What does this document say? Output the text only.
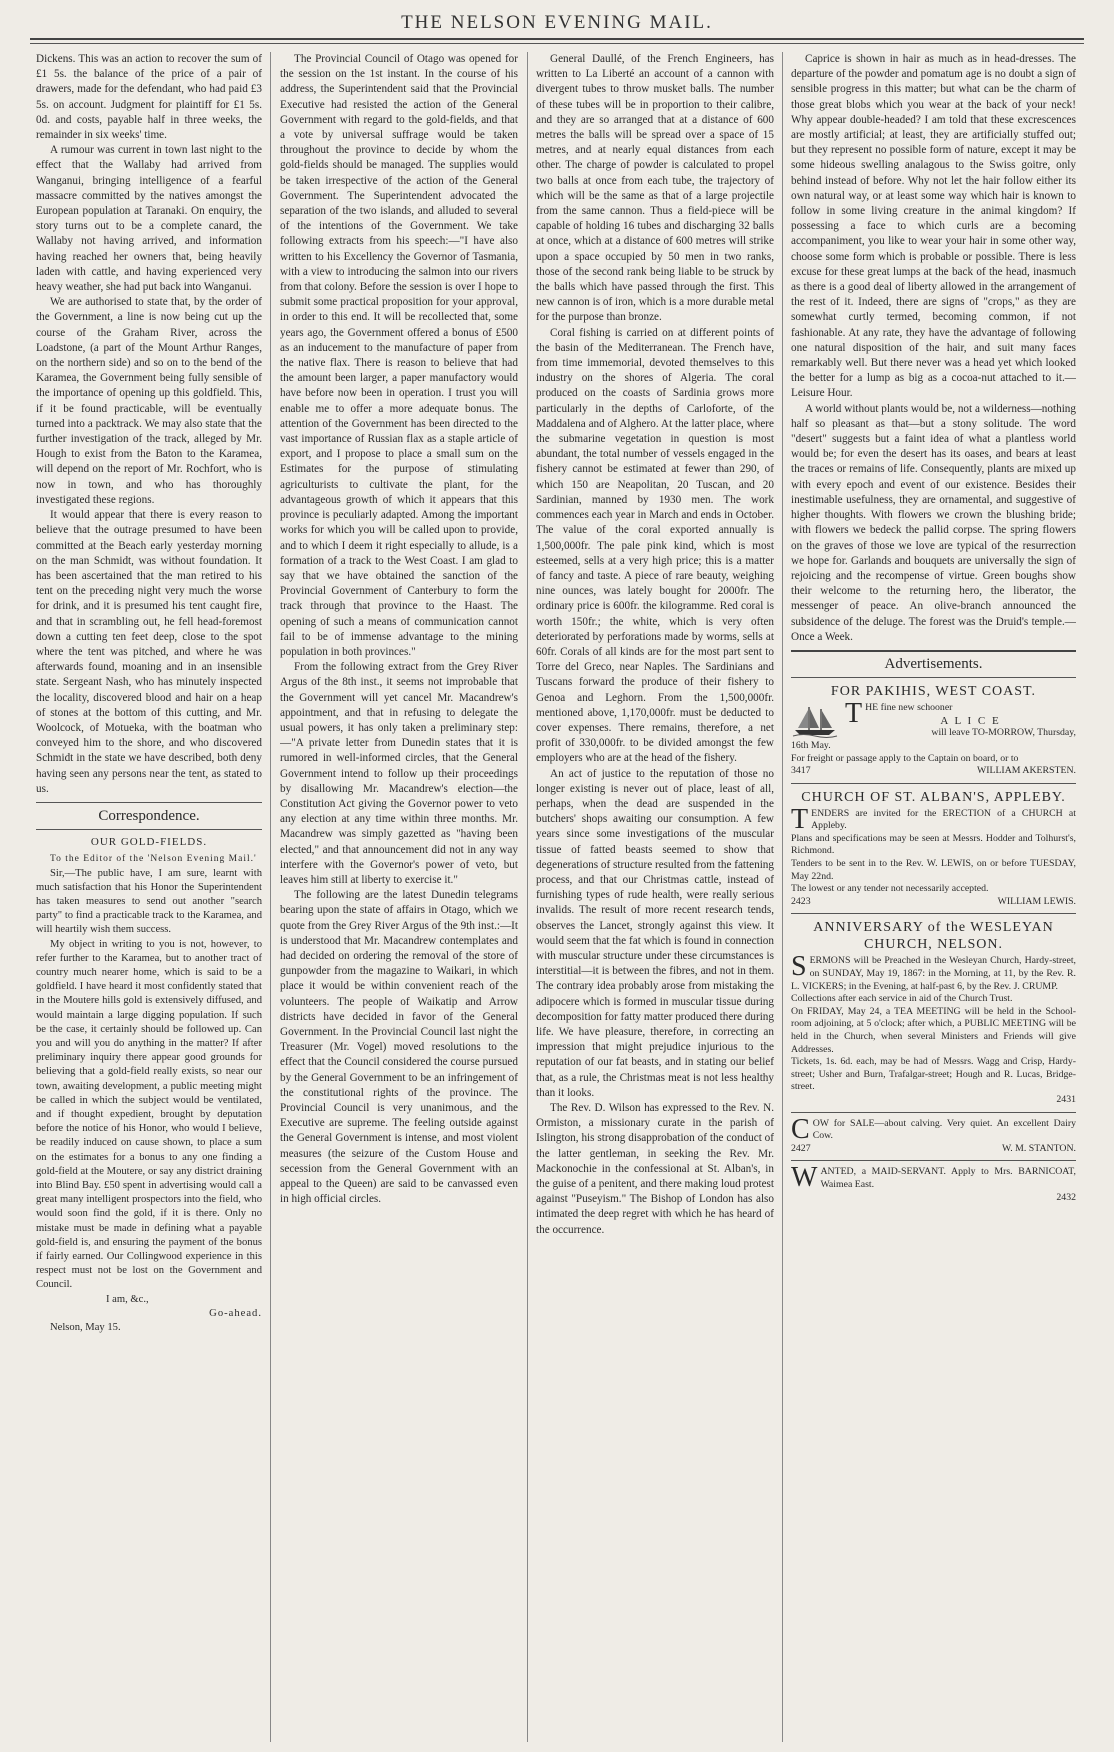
THE NELSON EVENING MAIL.

Dickens. This was an action to recover the sum of £1 5s. the balance of the price of a pair of drawers, made for the defendant, who had paid £3 5s. on account. Judgment for plaintiff for £1 5s. 0d. and costs, payable half in three weeks, the remainder in six weeks' time.

A rumour was current in town last night to the effect that the Wallaby had arrived from Wanganui, bringing intelligence of a fearful massacre committed by the natives amongst the European population at Taranaki. On enquiry, the story turns out to be a complete canard, the Wallaby not having arrived, and information having reached her owners that, being heavily laden with cattle, and having experienced very heavy weather, she had put back into Wanganui.

We are authorised to state that, by the order of the Government, a line is now being cut up the course of the Graham River, across the Loadstone, (a part of the Mount Arthur Ranges, on the northern side) and so on to the bend of the Karamea, the Government being fully sensible of the importance of opening up this goldfield. This, if it be found practicable, will be eventually turned into a packtrack. We may also state that the further investigation of the track, alleged by Mr. Hough to exist from the Baton to the Karamea, will depend on the report of Mr. Rochfort, who is now in town, and who has thoroughly investigated these regions.

It would appear that there is every reason to believe that the outrage presumed to have been committed at the Beach early yesterday morning on the man Schmidt, was without foundation. It has been ascertained that the man retired to his tent on the preceding night very much the worse for drink, and it is presumed his tent caught fire, and that in scrambling out, he fell head-foremost down a cutting ten feet deep, close to the spot where the tent was pitched, and where he was afterwards found, moaning and in an insensible state. Sergeant Nash, who has minutely inspected the locality, discovered blood and hair on a heap of stones at the bottom of this cutting, and Mr. Woolcock, of Motueka, with the boatman who conveyed him to the shore, and who discovered Schmidt in the state we have described, both deny having seen any persons near the tent, as stated to us.

Correspondence.

OUR GOLD-FIELDS.

To the Editor of the 'Nelson Evening Mail.'

Sir,—The public have, I am sure, learnt with much satisfaction that his Honor the Superintendent has taken measures to send out another "search party" to find a practicable track to the Karamea, and will heartily wish them success.

My object in writing to you is not, however, to refer further to the Karamea, but to another tract of country much nearer home, which is said to be a goldfield. I have heard it most confidently stated that in the Moutere hills gold is extensively diffused, and would maintain a large digging population. If such be the case, it certainly should be followed up. Can you and will you do anything in the matter? If after preliminary inquiry there appear good grounds for believing that a gold-field really exists, so near our town, awaiting development, a public meeting might be called in which the subject would be ventilated, and if thought expedient, brought by deputation before the notice of his Honor, who would I believe, be readily induced on cause shown, to place a sum on the estimates for a bonus to any one finding a gold-field at the Moutere, or say any district draining into Blind Bay. £50 spent in advertising would call a great many intelligent prospectors into the field, who would soon find the gold, if it is there. Only no mistake must be made in defining what a payable gold-field is, and ensuring the payment of the bonus if fairly earned. Our Collingwood experience in this respect must not be lost on the Government and Council.

I am, &c.,

Go-ahead.

Nelson, May 15.

The Provincial Council of Otago was opened for the session on the 1st instant. In the course of his address, the Superintendent said that the Provincial Executive had resisted the action of the General Government with regard to the gold-fields, and that a vote by universal suffrage would be taken throughout the province to decide by whom the gold-fields should be managed. The supplies would be taken irrespective of the action of the General Government. The Superintendent advocated the separation of the two islands, and alluded to several of the intentions of the Government. We take following extracts from his speech:—"I have also written to his Excellency the Governor of Tasmania, with a view to introducing the salmon into our rivers from that colony. Before the session is over I hope to submit some practical proposition for your approval, in order to this end. It will be recollected that, some years ago, the Government offered a bonus of £500 as an inducement to the manufacture of paper from the native flax. There is reason to believe that had the amount been larger, a paper manufactory would have before now been in operation. I trust you will enable me to offer a more adequate bonus. The attention of the Government has been directed to the vast importance of Russian flax as a staple article of export, and I propose to place a small sum on the Estimates for the purpose of stimulating agriculturists to cultivate the plant, for the advantageous growth of which it appears that this province is peculiarly adapted. Among the important works for which you will be called upon to provide, and to which I deem it right especially to allude, is a formation of a track to the West Coast. I am glad to say that we have obtained the sanction of the Provincial Government of Canterbury to form the track through that province to the Haast. The opening of such a means of communication cannot fail to be of immense advantage to the mining population in both provinces."

From the following extract from the Grey River Argus of the 8th inst., it seems not improbable that the Government will yet cancel Mr. Macandrew's appointment, and that in refusing to delegate the usual powers, it has only taken a preliminary step:—"A private letter from Dunedin states that it is rumored in well-informed circles, that the General Government intend to follow up their proceedings by disallowing Mr. Macandrew's election—the Constitution Act giving the Governor power to veto any election at any time within three months. Mr. Macandrew was simply gazetted as "having been elected," and that announcement did not in any way interfere with the Governor's power of veto, but leaves him still at liberty to exercise it."

The following are the latest Dunedin telegrams bearing upon the state of affairs in Otago, which we quote from the Grey River Argus of the 9th inst.:—It is understood that Mr. Macandrew contemplates and had decided on ordering the removal of the store of gunpowder from the magazine to Waikari, in which place it would be within convenient reach of the volunteers. The people of Waikatip and Arrow districts have decided in favor of the General Government. In the Provincial Council last night the Treasurer (Mr. Vogel) moved resolutions to the effect that the Council considered the course pursued by the General Government to be an infringement of the constitutional rights of the province. The Provincial Council is very unanimous, and the Executive are supreme. The feeling outside against the General Government is intense, and most violent measures (the seizure of the Custom House and secession from the General Government with an appeal to the Queen) are said to be canvassed even in high official circles.

General Daullé, of the French Engineers, has written to La Liberté an account of a cannon with divergent tubes to throw musket balls. The number of these tubes will be in proportion to their calibre, and they are so arranged that at a distance of 600 metres the balls will be spread over a space of 15 metres, and at nearly equal distances from each other. The charge of powder is calculated to propel two balls at once from each tube, the trajectory of which will be the same as that of a large projectile from the same cannon. Thus a field-piece will be capable of holding 16 tubes and discharging 32 balls at once, which at a distance of 600 metres will strike upon a space occupied by 50 men in two ranks, those of the second rank being liable to be struck by the balls which have passed through the first. This new cannon is of iron, which is a more durable metal for the purpose than bronze.

Coral fishing is carried on at different points of the basin of the Mediterranean. The French have, from time immemorial, devoted themselves to this industry on the shores of Algeria. The coral produced on the coasts of Sardinia grows more particularly in the depths of Carloforte, of the Maddalena and of Alghero. At the latter place, where the submarine vegetation in question is most abundant, the total number of vessels engaged in the fishery cannot be estimated at fewer than 290, of which 150 are Neapolitan, 20 Tuscan, and 20 Sardinian, manned by 1930 men. The work commences each year in March and ends in October. The value of the coral exported annually is 1,500,000fr. The pale pink kind, which is most esteemed, sells at a very high price; this is a matter of fancy and taste. A piece of rare beauty, weighing nine ounces, was lately bought for 2000fr. The ordinary price is 600fr. the kilogramme. Red coral is worth 150fr.; the white, which is very often deteriorated by perforations made by worms, sells at 60fr. Corals of all kinds are for the most part sent to Torre del Greco, near Naples. The Sardinians and Tuscans forward the produce of their fishery to Genoa and Leghorn. From the 1,500,000fr. mentioned above, 1,170,000fr. must be deducted to cover expenses. There remains, therefore, a net profit of 330,000fr. to be divided amongst the few employers who are at the head of the fishery.

An act of justice to the reputation of those no longer existing is never out of place, least of all, perhaps, when the dead are suspended in the butchers' shops awaiting our consumption. A few years since some investigations of the muscular tissue of fatted beasts seemed to show that degenerations of structure resulted from the fattening process, and that our Christmas cattle, instead of furnishing types of rude health, were really serious invalids. The result of more recent research tends, observes the Lancet, strongly against this view. It would seem that the fat which is found in connection with muscular structure under these circumstances is interstitial—it is between the fibres, and not in them. The contrary idea probably arose from mistaking the adipocere which is formed in muscular tissue during decomposition for fatty matter produced there during life. We have pleasure, therefore, in correcting an impression that might prejudice injurious to the reputation of our fat beasts, and in stating our belief that, as a rule, the Christmas meat is not less healthy than it looks.

The Rev. D. Wilson has expressed to the Rev. N. Ormiston, a missionary curate in the parish of Islington, his strong disapprobation of the conduct of the latter gentleman, in seeking the Rev. Mr. Mackonochie in the confessional at St. Alban's, in the guise of a penitent, and there making loud protest against "Puseyism." The Bishop of London has also intimated the deep regret with which he has heard of the occurrence.

Caprice is shown in hair as much as in head-dresses. The departure of the powder and pomatum age is no doubt a sign of sensible progress in this matter; but what can be the charm of those great blobs which you wear at the back of your neck! Why appear double-headed? I am told that these excrescences are mostly artificial; at least, they are artificially stuffed out; but they represent no possible form of nature, except it may be some hideous swelling analagous to the Swiss goitre, only behind instead of before. Why not let the hair follow either its own natural way, or at least some way which hair is known to follow in some living creature in the animal kingdom? If possessing a face to which curls are a becoming accompaniment, you like to wear your hair in some other way, choose some form which is probable or possible. There is less excuse for these great lumps at the back of the head, inasmuch as there is a good deal of liberty allowed in the arrangement of the rest of it. Indeed, there are signs of "crops," as they are somewhat curtly termed, becoming common, if not fashionable. At any rate, they have the advantage of following one natural disposition of the hair, and suit many faces remarkably well. But there never was a head yet which looked the better for a lump as big as a cocoa-nut attached to it.—Leisure Hour.

A world without plants would be, not a wilderness—nothing half so pleasant as that—but a stony solitude. The word "desert" suggests but a faint idea of what a plantless world would be; for even the desert has its oases, and bears at least the traces or remains of life. Consequently, plants are mixed up with every epoch and event of our existence. Besides their inestimable usefulness, they are ornamental, and suggestive of higher thoughts. With flowers we crown the blushing bride; with flowers we bedeck the pallid corpse. The spring flowers on the graves of those we love are typical of the resurrection we hope for. Garlands and bouquets are universally the sign of rejoicing and the recompense of virtue. Green boughs show their welcome to the returning hero, the liberator, the messenger of peace. An olive-branch announced the subsidence of the deluge. The forest was the Druid's temple.—Once a Week.

Advertisements.

FOR PAKIHIS, WEST COAST.

THE fine new schooner

A L I C E

will leave TO-MORROW, Thursday,

16th May.

For freight or passage apply to the Captain on board, or to

3417	WILLIAM AKERSTEN.

CHURCH OF ST. ALBAN'S, APPLEBY.

TENDERS are invited for the ERECTION of a CHURCH at Appleby.

Plans and specifications may be seen at Messrs. Hodder and Tolhurst's, Richmond.

Tenders to be sent in to the Rev. W. LEWIS, on or before TUESDAY, May 22nd.

The lowest or any tender not necessarily accepted.

2423	WILLIAM LEWIS.

ANNIVERSARY of the WESLEYAN CHURCH, NELSON.

SERMONS will be Preached in the Wesleyan Church, Hardy-street, on SUNDAY, May 19, 1867: in the Morning, at 11, by the Rev. R. L. VICKERS; in the Evening, at half-past 6, by the Rev. J. CRUMP.

Collections after each service in aid of the Church Trust.

On FRIDAY, May 24, a TEA MEETING will be held in the School-room adjoining, at 5 o'clock; after which, a PUBLIC MEETING will be held in the Church, when several Ministers and Friends will give Addresses.

Tickets, 1s. 6d. each, may be had of Messrs. Wagg and Crisp, Hardy-street; Usher and Burn, Trafalgar-street; Hough and R. Lucas, Bridge-street.

2431

COW for SALE—about calving. Very quiet. An excellent Dairy Cow.

2427	W. M. STANTON.

WANTED, a MAID-SERVANT. Apply to Mrs. BARNICOAT, Waimea East.

2432
